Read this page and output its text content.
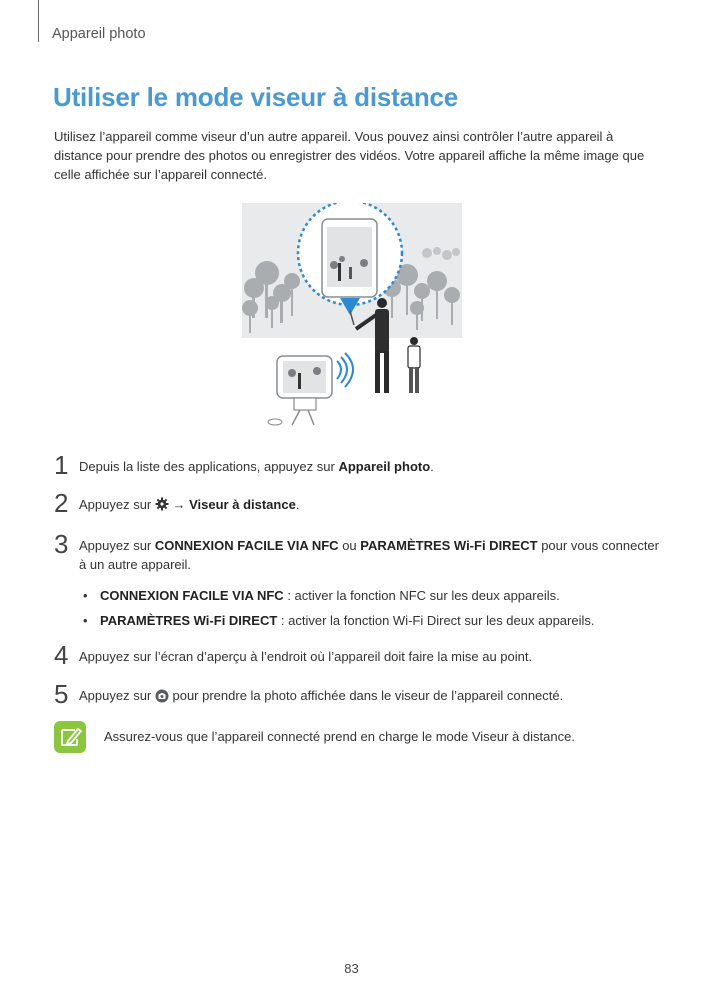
Appareil photo
Utiliser le mode viseur à distance

Utilisez l’appareil comme viseur d’un autre appareil. Vous pouvez ainsi contrôler l’autre appareil à distance pour prendre des photos ou enregistrer des vidéos. Votre appareil affiche la même image que celle affichée sur l’appareil connecté.

1 Depuis la liste des applications, appuyez sur Appareil photo.
2 Appuyez sur  → Viseur à distance.
3 Appuyez sur CONNEXION FACILE VIA NFC ou PARAMÈTRES Wi-Fi DIRECT pour vous connecter à un autre appareil.
• CONNEXION FACILE VIA NFC : activer la fonction NFC sur les deux appareils.
• PARAMÈTRES Wi-Fi DIRECT : activer la fonction Wi-Fi Direct sur les deux appareils.
4 Appuyez sur l’écran d’aperçu à l’endroit où l’appareil doit faire la mise au point.
5 Appuyez sur  pour prendre la photo affichée dans le viseur de l’appareil connecté.
Assurez-vous que l’appareil connecté prend en charge le mode Viseur à distance.
83
